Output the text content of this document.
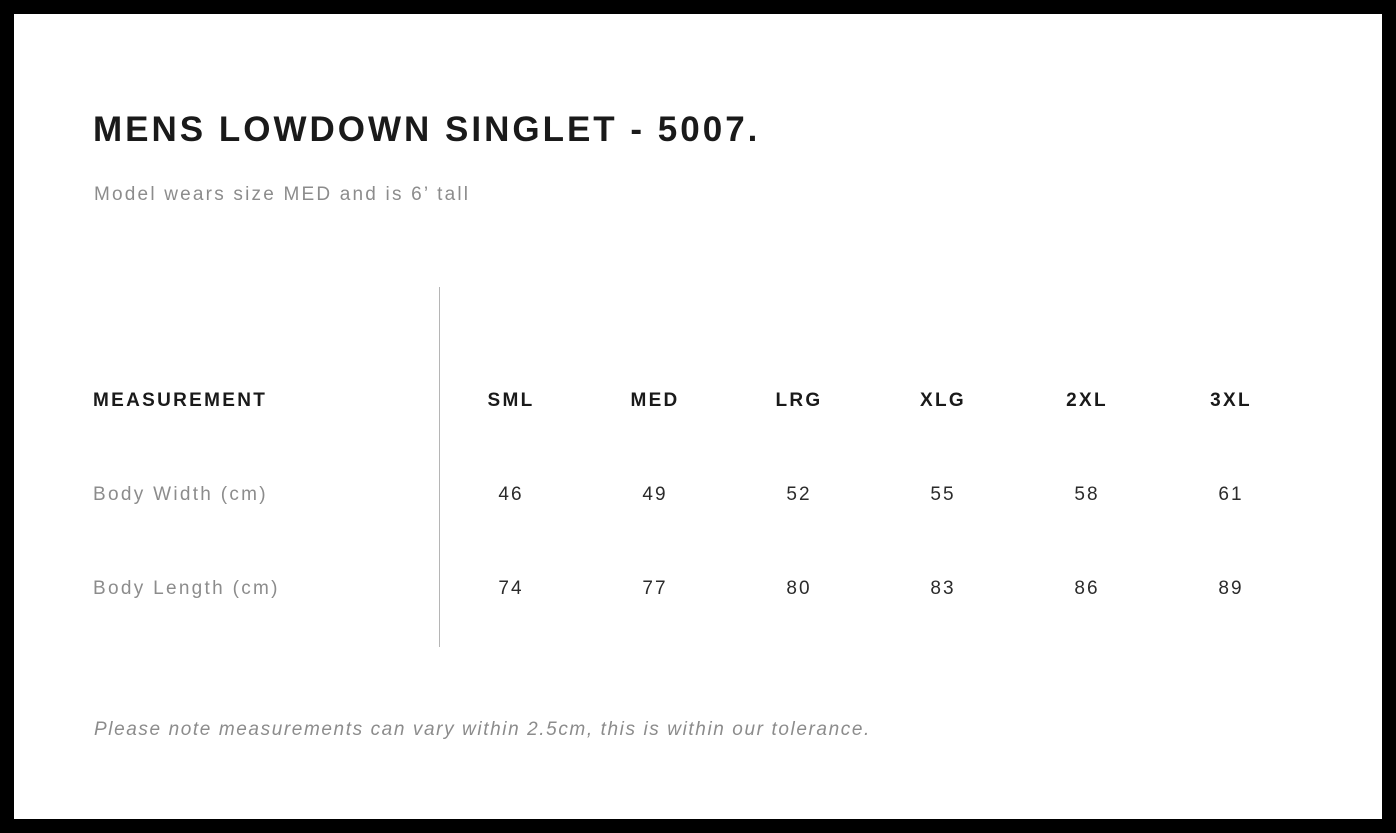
MENS LOWDOWN SINGLET - 5007.
Model wears size MED and is 6’ tall
MEASUREMENT	SML	MED	LRG	XLG	2XL	3XL
Body Width (cm)	46	49	52	55	58	61
Body Length (cm)	74	77	80	83	86	89
Please note measurements can vary within 2.5cm, this is within our tolerance.
